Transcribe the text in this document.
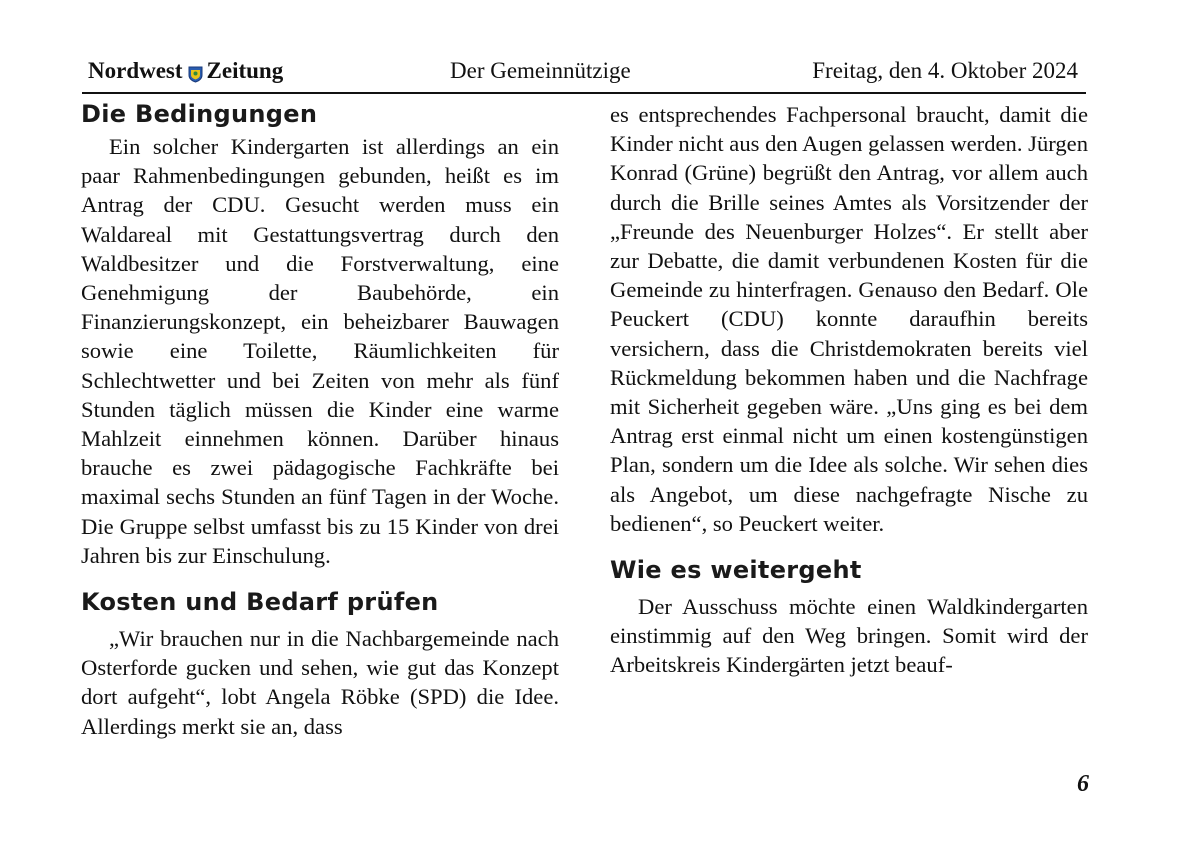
Nordwest Zeitung	Der Gemeinnützige	Freitag, den 4. Oktober 2024
Die Bedingungen

Ein solcher Kindergarten ist allerdings an ein paar Rahmenbedingungen gebunden, heißt es im Antrag der CDU. Gesucht werden muss ein Waldareal mit Gestattungsvertrag durch den Waldbesitzer und die Forstverwaltung, eine Genehmigung der Baubehörde, ein Finanzierungskonzept, ein beheizbarer Bauwagen sowie eine Toilette, Räumlichkeiten für Schlechtwetter und bei Zeiten von mehr als fünf Stunden täglich müssen die Kinder eine warme Mahlzeit einnehmen können. Darüber hinaus brauche es zwei pädagogische Fachkräfte bei maximal sechs Stunden an fünf Tagen in der Woche. Die Gruppe selbst umfasst bis zu 15 Kinder von drei Jahren bis zur Einschulung.

Kosten und Bedarf prüfen

„Wir brauchen nur in die Nachbargemeinde nach Osterforde gucken und sehen, wie gut das Konzept dort aufgeht“, lobt Angela Röbke (SPD) die Idee. Allerdings merkt sie an, dass

es entsprechendes Fachpersonal braucht, damit die Kinder nicht aus den Augen gelassen werden. Jürgen Konrad (Grüne) begrüßt den Antrag, vor allem auch durch die Brille seines Amtes als Vorsitzender der „Freunde des Neuenburger Holzes“. Er stellt aber zur Debatte, die damit verbundenen Kosten für die Gemeinde zu hinterfragen. Genauso den Bedarf. Ole Peuckert (CDU) konnte daraufhin bereits versichern, dass die Christdemokraten bereits viel Rückmeldung bekommen haben und die Nachfrage mit Sicherheit gegeben wäre. „Uns ging es bei dem Antrag erst einmal nicht um einen kostengünstigen Plan, sondern um die Idee als solche. Wir sehen dies als Angebot, um diese nachgefragte Nische zu bedienen“, so Peuckert weiter.

Wie es weitergeht

Der Ausschuss möchte einen Waldkindergarten einstimmig auf den Weg bringen. Somit wird der Arbeitskreis Kindergärten jetzt beauf-

6
